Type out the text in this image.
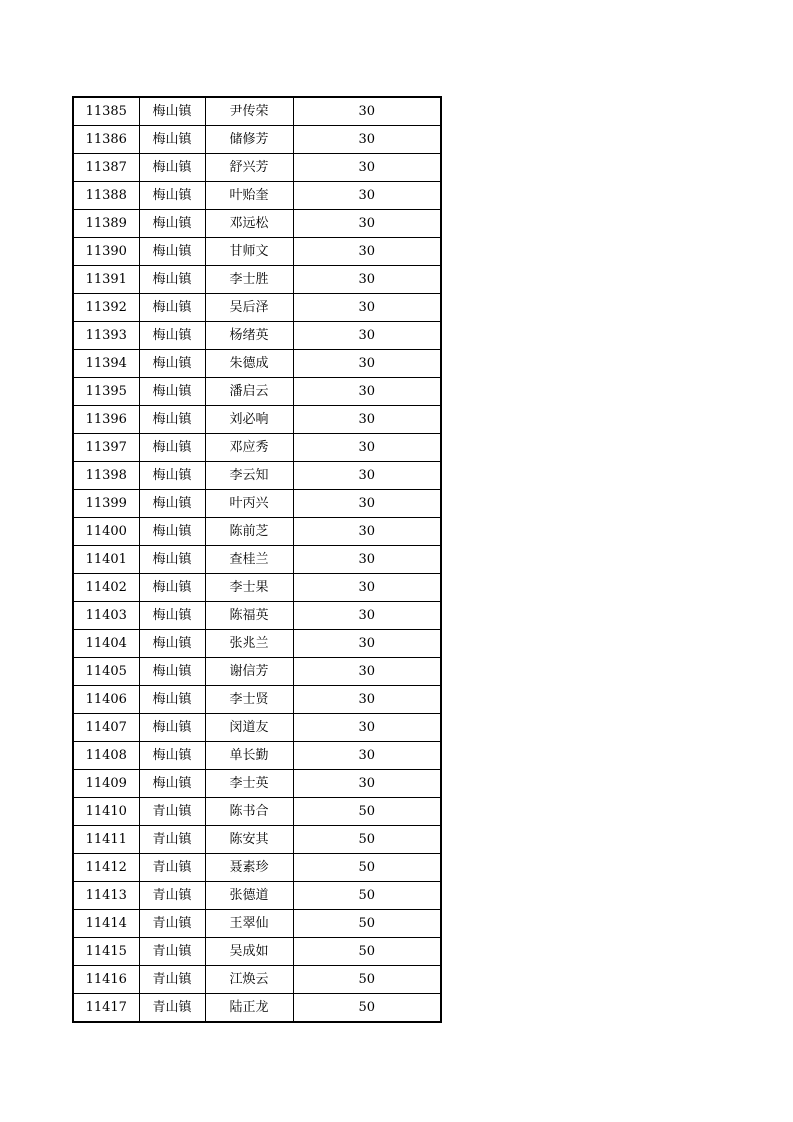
11385	梅山镇	尹传荣	30
11386	梅山镇	储修芳	30
11387	梅山镇	舒兴芳	30
11388	梅山镇	叶贻奎	30
11389	梅山镇	邓远松	30
11390	梅山镇	甘师文	30
11391	梅山镇	李士胜	30
11392	梅山镇	吴后泽	30
11393	梅山镇	杨绪英	30
11394	梅山镇	朱德成	30
11395	梅山镇	潘启云	30
11396	梅山镇	刘必响	30
11397	梅山镇	邓应秀	30
11398	梅山镇	李云知	30
11399	梅山镇	叶丙兴	30
11400	梅山镇	陈前芝	30
11401	梅山镇	查桂兰	30
11402	梅山镇	李士果	30
11403	梅山镇	陈福英	30
11404	梅山镇	张兆兰	30
11405	梅山镇	谢信芳	30
11406	梅山镇	李士贤	30
11407	梅山镇	闵道友	30
11408	梅山镇	单长勤	30
11409	梅山镇	李士英	30
11410	青山镇	陈书合	50
11411	青山镇	陈安其	50
11412	青山镇	聂素珍	50
11413	青山镇	张德道	50
11414	青山镇	王翠仙	50
11415	青山镇	吴成如	50
11416	青山镇	江焕云	50
11417	青山镇	陆正龙	50
